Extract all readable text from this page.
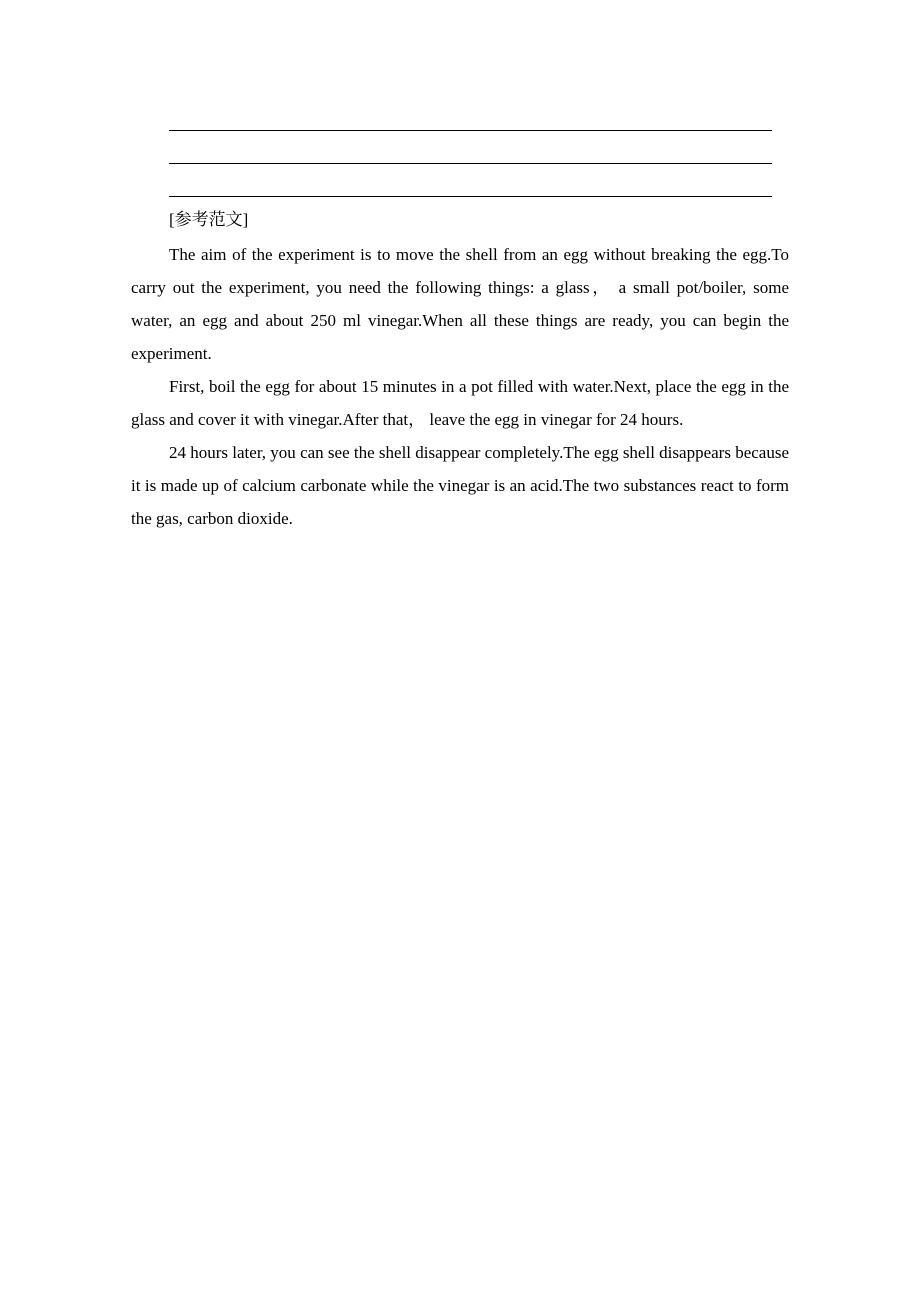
[参考范文]

The aim of the experiment is to move the shell from an egg without breaking the egg.To carry out the experiment, you need the following things: a glass， a small pot/boiler, some water, an egg and about 250 ml vinegar.When all these things are ready, you can begin the experiment.

First, boil the egg for about 15 minutes in a pot filled with water.Next, place the egg in the glass and cover it with vinegar.After that， leave the egg in vinegar for 24 hours.

24 hours later, you can see the shell disappear completely.The egg shell disappears because it is made up of calcium carbonate while the vinegar is an acid.The two substances react to form the gas, carbon dioxide.
